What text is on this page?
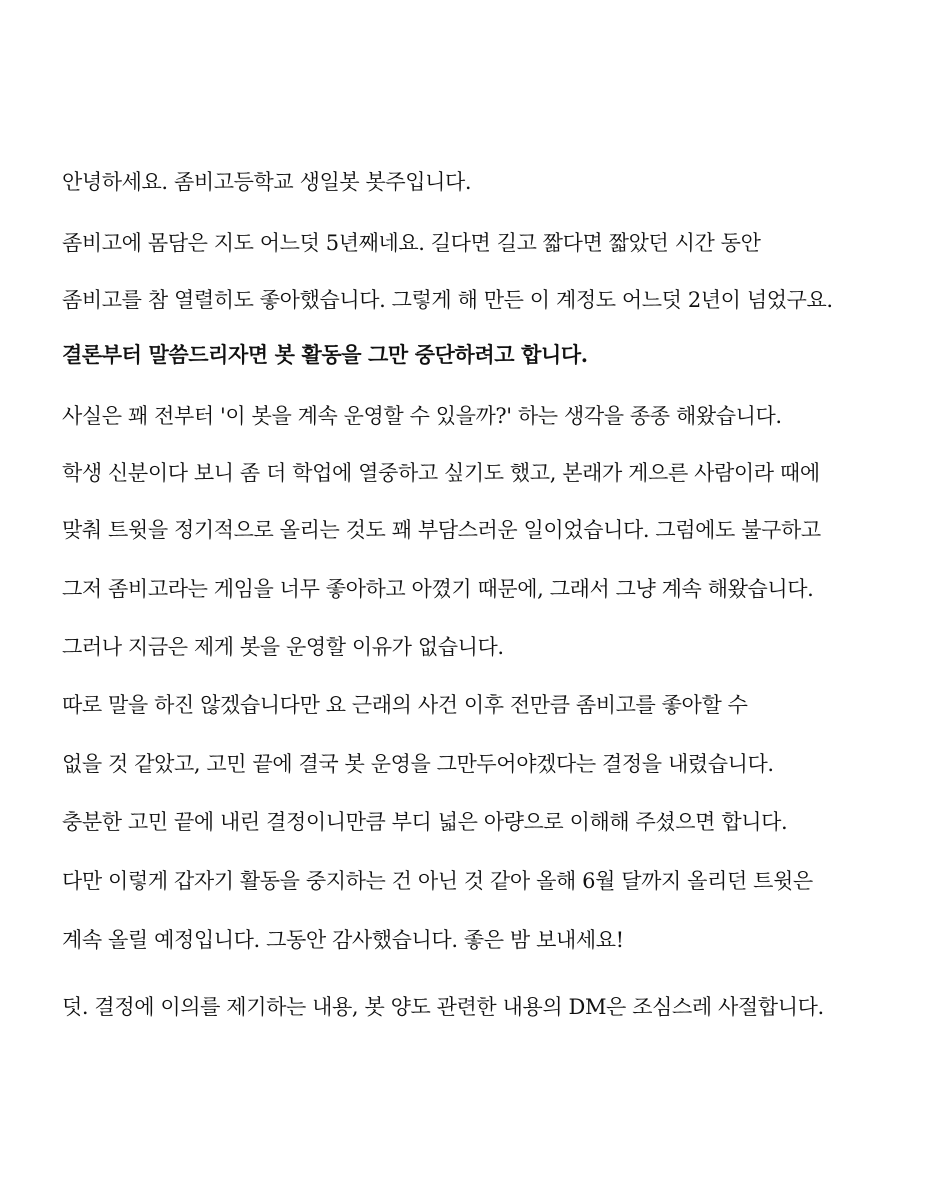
안녕하세요. 좀비고등학교 생일봇 봇주입니다.

좀비고에 몸담은 지도 어느덧 5년째네요. 길다면 길고 짧다면 짧았던 시간 동안

좀비고를 참 열렬히도 좋아했습니다. 그렇게 해 만든 이 계정도 어느덧 2년이 넘었구요.

결론부터 말씀드리자면 봇 활동을 그만 중단하려고 합니다.

사실은 꽤 전부터 '이 봇을 계속 운영할 수 있을까?' 하는 생각을 종종 해왔습니다.

학생 신분이다 보니 좀 더 학업에 열중하고 싶기도 했고, 본래가 게으른 사람이라 때에

맞춰 트윗을 정기적으로 올리는 것도 꽤 부담스러운 일이었습니다. 그럼에도 불구하고

그저 좀비고라는 게임을 너무 좋아하고 아꼈기 때문에, 그래서 그냥 계속 해왔습니다.

그러나 지금은 제게 봇을 운영할 이유가 없습니다.

따로 말을 하진 않겠습니다만 요 근래의 사건 이후 전만큼 좀비고를 좋아할 수

없을 것 같았고, 고민 끝에 결국 봇 운영을 그만두어야겠다는 결정을 내렸습니다.

충분한 고민 끝에 내린 결정이니만큼 부디 넓은 아량으로 이해해 주셨으면 합니다.

다만 이렇게 갑자기 활동을 중지하는 건 아닌 것 같아 올해 6월 달까지 올리던 트윗은

계속 올릴 예정입니다. 그동안 감사했습니다. 좋은 밤 보내세요!

덧. 결정에 이의를 제기하는 내용, 봇 양도 관련한 내용의 DM은 조심스레 사절합니다.
